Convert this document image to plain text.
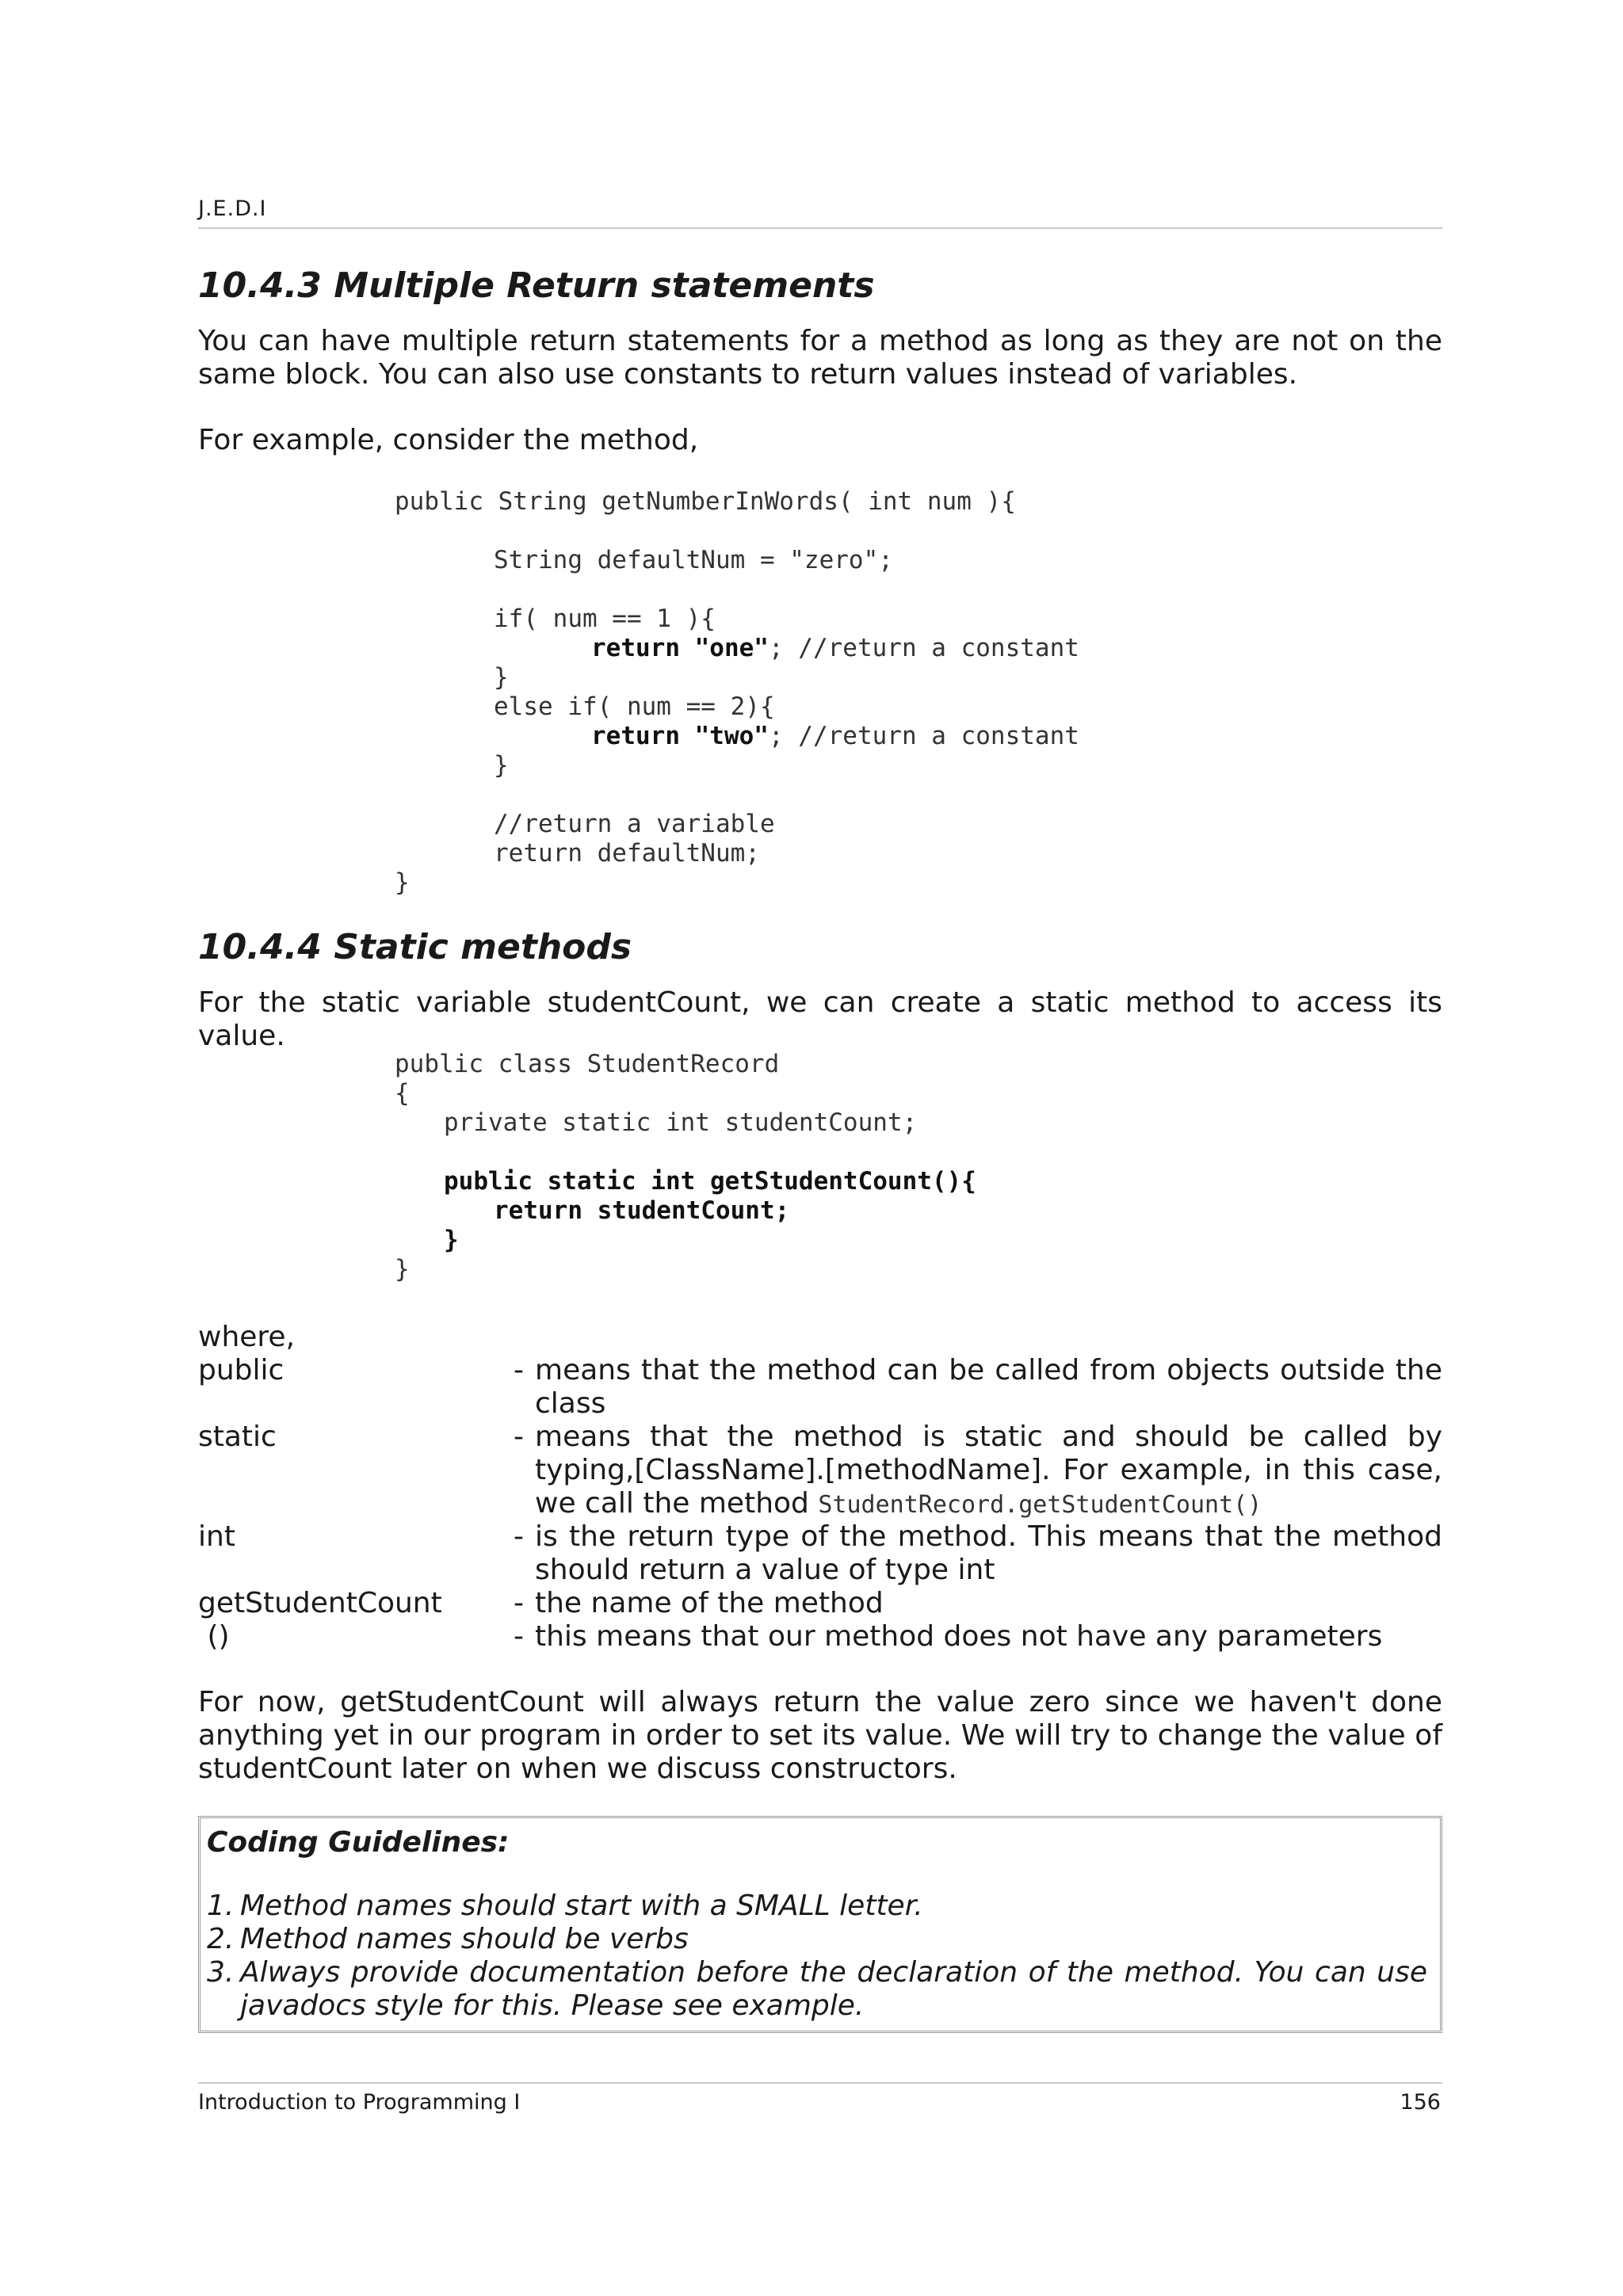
J.E.D.I
10.4.3 Multiple Return statements
You can have multiple return statements for a method as long as they are not on the same block. You can also use constants to return values instead of variables.
For example, consider the method,

public String getNumberInWords( int num ){

String defaultNum = "zero";

if( num == 1 ){

return "one"; //return a constant

}

else if( num == 2){

return "two"; //return a constant

}

//return a variable

return defaultNum;

}

10.4.4 Static methods
For the static variable studentCount, we can create a static method to access its value.

public class StudentRecord

{

private static int studentCount;

public static int getStudentCount(){

return studentCount;

}

}

where,
public	- means that the method can be called from objects outside the class
static	- means that the method is static and should be called by typing,[ClassName].[methodName]. For example, in this case, we call the method StudentRecord.getStudentCount()
int	- is the return type of the method. This means that the method should return a value of type int
getStudentCount	- the name of the method
()	- this means that our method does not have any parameters
For now, getStudentCount will always return the value zero since we haven't done anything yet in our program in order to set its value. We will try to change the value of studentCount later on when we discuss constructors.
Coding Guidelines:
1. Method names should start with a SMALL letter.
2. Method names should be verbs
3. Always provide documentation before the declaration of the method. You can use javadocs style for this. Please see example.
Introduction to Programming I	156
